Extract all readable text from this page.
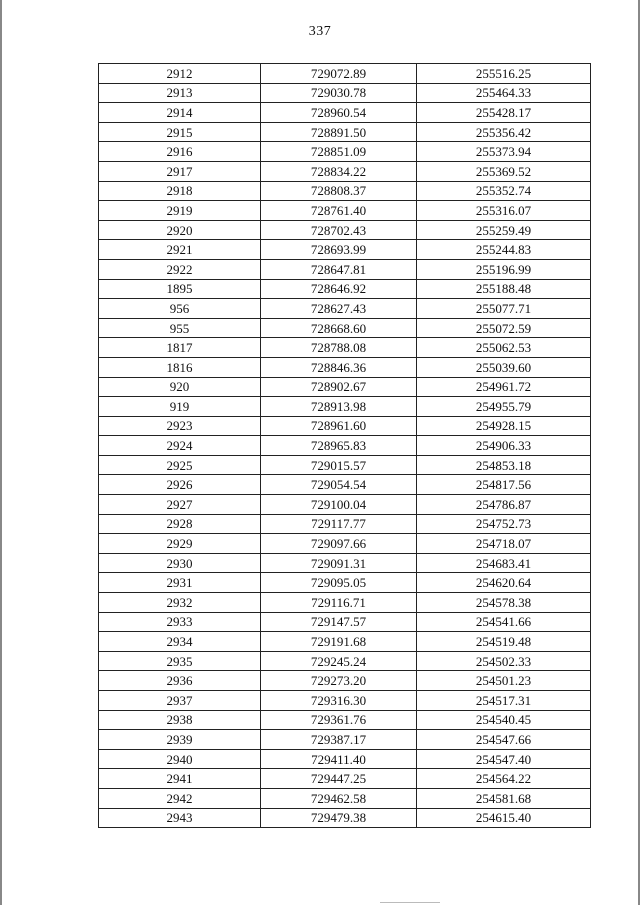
337
2912	729072.89	255516.25
2913	729030.78	255464.33
2914	728960.54	255428.17
2915	728891.50	255356.42
2916	728851.09	255373.94
2917	728834.22	255369.52
2918	728808.37	255352.74
2919	728761.40	255316.07
2920	728702.43	255259.49
2921	728693.99	255244.83
2922	728647.81	255196.99
1895	728646.92	255188.48
956	728627.43	255077.71
955	728668.60	255072.59
1817	728788.08	255062.53
1816	728846.36	255039.60
920	728902.67	254961.72
919	728913.98	254955.79
2923	728961.60	254928.15
2924	728965.83	254906.33
2925	729015.57	254853.18
2926	729054.54	254817.56
2927	729100.04	254786.87
2928	729117.77	254752.73
2929	729097.66	254718.07
2930	729091.31	254683.41
2931	729095.05	254620.64
2932	729116.71	254578.38
2933	729147.57	254541.66
2934	729191.68	254519.48
2935	729245.24	254502.33
2936	729273.20	254501.23
2937	729316.30	254517.31
2938	729361.76	254540.45
2939	729387.17	254547.66
2940	729411.40	254547.40
2941	729447.25	254564.22
2942	729462.58	254581.68
2943	729479.38	254615.40
